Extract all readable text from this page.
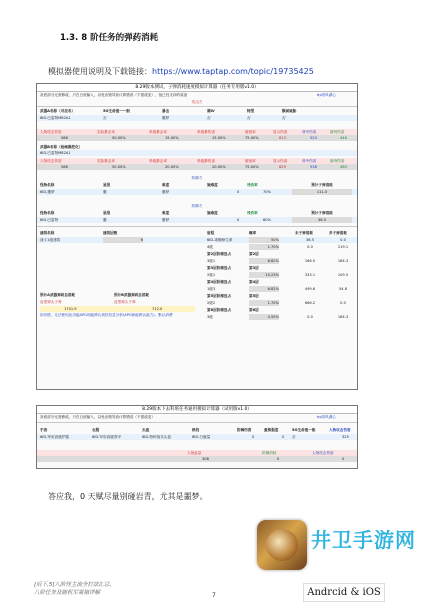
1.3. 8 阶任务的弹药消耗
模拟器使用说明及下载链接：https://www.taptap.com/topic/19735425
8.29版本测试，子弹消耗速度模拟计算器（任务专用版v1.0）
灰底部分无需修改，只在白底输入，以免出错导致计算错误（不需改变），组已经支持的装备	by明风湖心
攻击方
武器A名称（对应名）	5G生命值一一般	暴击	满IV	特型	额面威胁
6ID-巴雷特M82A1	否	噩梦	否	否	否
人物攻击伤害	实际暴击率	单级暴击率	单级暴伤害	破韧率	显示伤害	命中伤害	最终伤害
586	50.00%	15.00%	15.00%	75.00%	813	520	446
武器B名称（枪械操控化）
6ID-巴雷特M82A1
人物攻击伤害	实际暴击率	单级暴击率	单级暴伤害	破韧率	显示伤害	命中伤害	最终伤害
586	50.00%	20.00%	20.00%	75.00%	829	538	460
防御方
怪物名称	星级	难度	施难度	残伤率	预计子弹消耗
6ID-噩梦	噩	噩梦	0	70%	111.0
防御方
怪物名称	星级	难度	施难度	残伤率	预计子弹消耗
6ID-巴雷特	噩	噩梦	0	60%	36.5
建筑名称	建筑层数	射程	概率	未子弹消耗	多子弹消耗
战斗1级建筑	6	6ID-毒蟾蜍生命	50%	36.5	0.0
4级	1.70%	0.0	219.1
第2层阶梯选占	第2层
3级1	6.82%	166.5	164.3
第3层阶梯选占	第3层
2级1	10.23%	333.1	109.5
第4层阶梯选占	第4层
1级3	6.82%	499.6	54.8
第5层阶梯选占	第5层
2级2	1.70%	666.2	0.0
第6层阶梯选占	第6层
3级	4.55%	0.0	164.3
预计A武器弹药总消耗	预计B武器弹药总消耗
直型弹头子弹	直型弹头子弹
1701.9	712.0
如有错，无法使用此功能APG和能辨认到你信息分析(APG和能辨认能力)，默认消费
8.29版本下去科班任务通用模拟计算器（试用版v1.0）
灰底部分无需修改，只在白底输入，以免出错导致计算错误（不需改变）	by明风湖心
手套	衣服	头盔	格挡	防御伤害	重铸强度	5G生命值一般	人物攻击伤害
6ID-军用高级护膝	6ID-军用高级背甲	6ID-特种战术头盔	6ID-白鹿量	0	0	否	325
人物血量	防御消耗	人物攻击伤害
308	0	0
答应我，0 天赋尽量别碰岩青，尤其是噩梦。
井卫手游网
Andrcid & iOS
[后下,5]八阶怪主流全打法汇总、
八阶任务及随机军需箱详解	7
